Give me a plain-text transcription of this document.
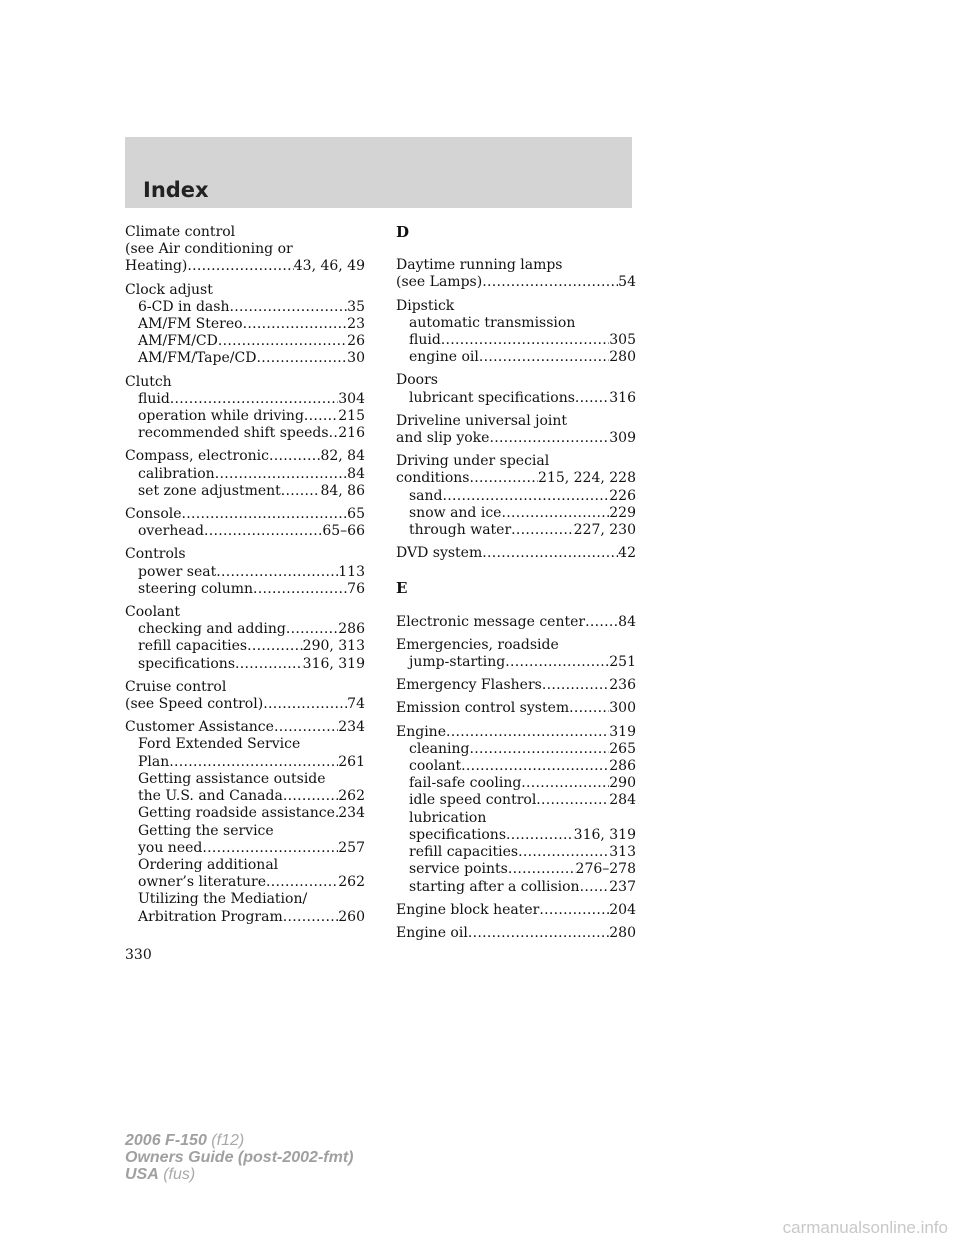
Index
Climate control
(see Air conditioning or
Heating) .....	43, 46, 49
Clock adjust
6-CD in dash .....	35
AM/FM Stereo .....	23
AM/FM/CD .....	26
AM/FM/Tape/CD .....	30
Clutch
fluid .....	304
operation while driving ..... 215
recommended shift speeds ..... 216
Compass, electronic .....	82, 84
calibration .....	84
set zone adjustment .....	84, 86
Console .....	65
overhead .....	65–66
Controls
power seat .....	113
steering column .....	76
Coolant
checking and adding .....	286
refill capacities .....	290, 313
specifications .....	316, 319
Cruise control
(see Speed control) .....	74
Customer Assistance .....	234
Ford Extended Service
Plan .....	261
Getting assistance outside
the U.S. and Canada .....	262
Getting roadside assistance ..... 234
Getting the service
you need .....	257
Ordering additional
owner’s literature .....	262
Utilizing the Mediation/
Arbitration Program .....	260
D
Daytime running lamps
(see Lamps) .....	54
Dipstick
automatic transmission
fluid .....	305
engine oil .....	280
Doors
lubricant specifications ..... 316
Driveline universal joint
and slip yoke .....	309
Driving under special
conditions .....	215, 224, 228
sand .....	226
snow and ice .....	229
through water .....	227, 230
DVD system .....	42
E
Electronic message center ..... 84
Emergencies, roadside
jump-starting .....	251
Emergency Flashers .....	236
Emission control system .....	300
Engine .....	319
cleaning .....	265
coolant .....	286
fail-safe cooling .....	290
idle speed control .....	284
lubrication
specifications .....	316, 319
refill capacities .....	313
service points .....	276–278
starting after a collision ..... 237
Engine block heater .....	204
Engine oil .....	280
330
2006 F-150 (f12)
Owners Guide (post-2002-fmt)
USA (fus)
carmanualsonline.info
